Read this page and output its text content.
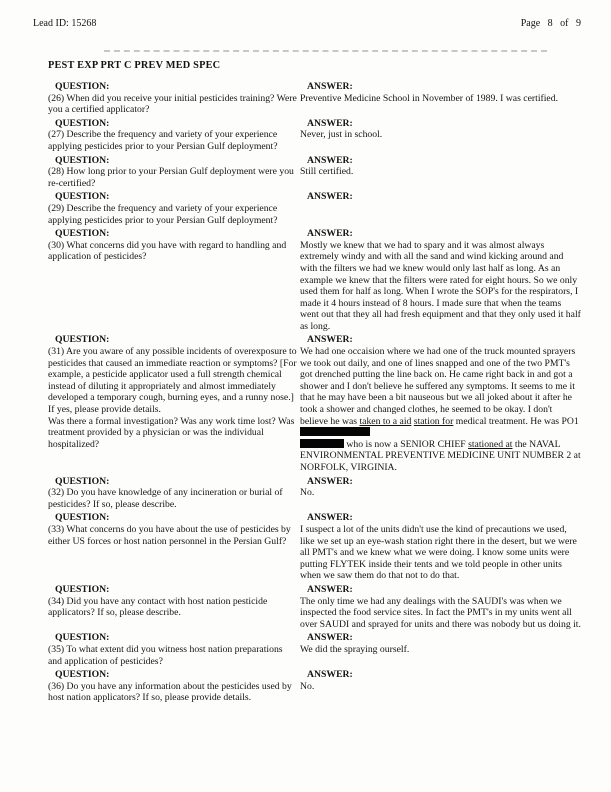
Lead ID: 15268	Page 8 of 9
PEST EXP PRT C PREV MED SPEC
QUESTION:
(26) When did you receive your initial pesticides training? Were you a certified applicator?
ANSWER:
Preventive Medicine School in November of 1989. I was certified.
QUESTION:
(27) Describe the frequency and variety of your experience applying pesticides prior to your Persian Gulf deployment?
ANSWER:
Never, just in school.
QUESTION:
(28) How long prior to your Persian Gulf deployment were you re-certified?
ANSWER:
Still certified.
QUESTION:
(29) Describe the frequency and variety of your experience applying pesticides prior to your Persian Gulf deployment?
ANSWER:
QUESTION:
(30) What concerns did you have with regard to handling and application of pesticides?
ANSWER:
Mostly we knew that we had to spary and it was almost always extremely windy and with all the sand and wind kicking around and with the filters we had we knew would only last half as long. As an example we knew that the filters were rated for eight hours. So we only used them for half as long. When I wrote the SOP's for the respirators, I made it 4 hours instead of 8 hours. I made sure that when the teams went out that they all had fresh equipment and that they only used it half as long.
QUESTION:
(31) Are you aware of any possible incidents of overexposure to pesticides that caused an immediate reaction or symptoms? [For example, a pesticide applicator used a full strength chemical instead of diluting it appropriately and almost immediately developed a temporary cough, burning eyes, and a runny nose.] If yes, please provide details.
Was there a formal investigation? Was any work time lost? Was treatment provided by a physician or was the individual hospitalized?
ANSWER:
We had one occaision where we had one of the truck mounted sprayers we took out daily, and one of lines snapped and one of the two PMT's got drenched putting the line back on. He came right back in and got a shower and I don't believe he suffered any symptoms. It seems to me it that he may have been a bit nauseous but we all joked about it after he took a shower and changed clothes, he seemed to be okay. I don't believe he was taken to a aid station for medical treatment. He was PO1
who is now a SENIOR CHIEF stationed at the NAVAL ENVIRONMENTAL PREVENTIVE MEDICINE UNIT NUMBER 2 at NORFOLK, VIRGINIA.
QUESTION:
(32) Do you have knowledge of any incineration or burial of pesticides? If so, please describe.
ANSWER:
No.
QUESTION:
(33) What concerns do you have about the use of pesticides by either US forces or host nation personnel in the Persian Gulf?
ANSWER:
I suspect a lot of the units didn't use the kind of precautions we used, like we set up an eye-wash station right there in the desert, but we were all PMT's and we knew what we were doing. I know some units were putting FLYTEK inside their tents and we told people in other units when we saw them do that not to do that.
QUESTION:
(34) Did you have any contact with host nation pesticide applicators? If so, please describe.
ANSWER:
The only time we had any dealings with the SAUDI's was when we inspected the food service sites. In fact the PMT's in my units went all over SAUDI and sprayed for units and there was nobody but us doing it.
QUESTION:
(35) To what extent did you witness host nation preparations and application of pesticides?
ANSWER:
We did the spraying ourself.
QUESTION:
(36) Do you have any information about the pesticides used by host nation applicators? If so, please provide details.
ANSWER:
No.
